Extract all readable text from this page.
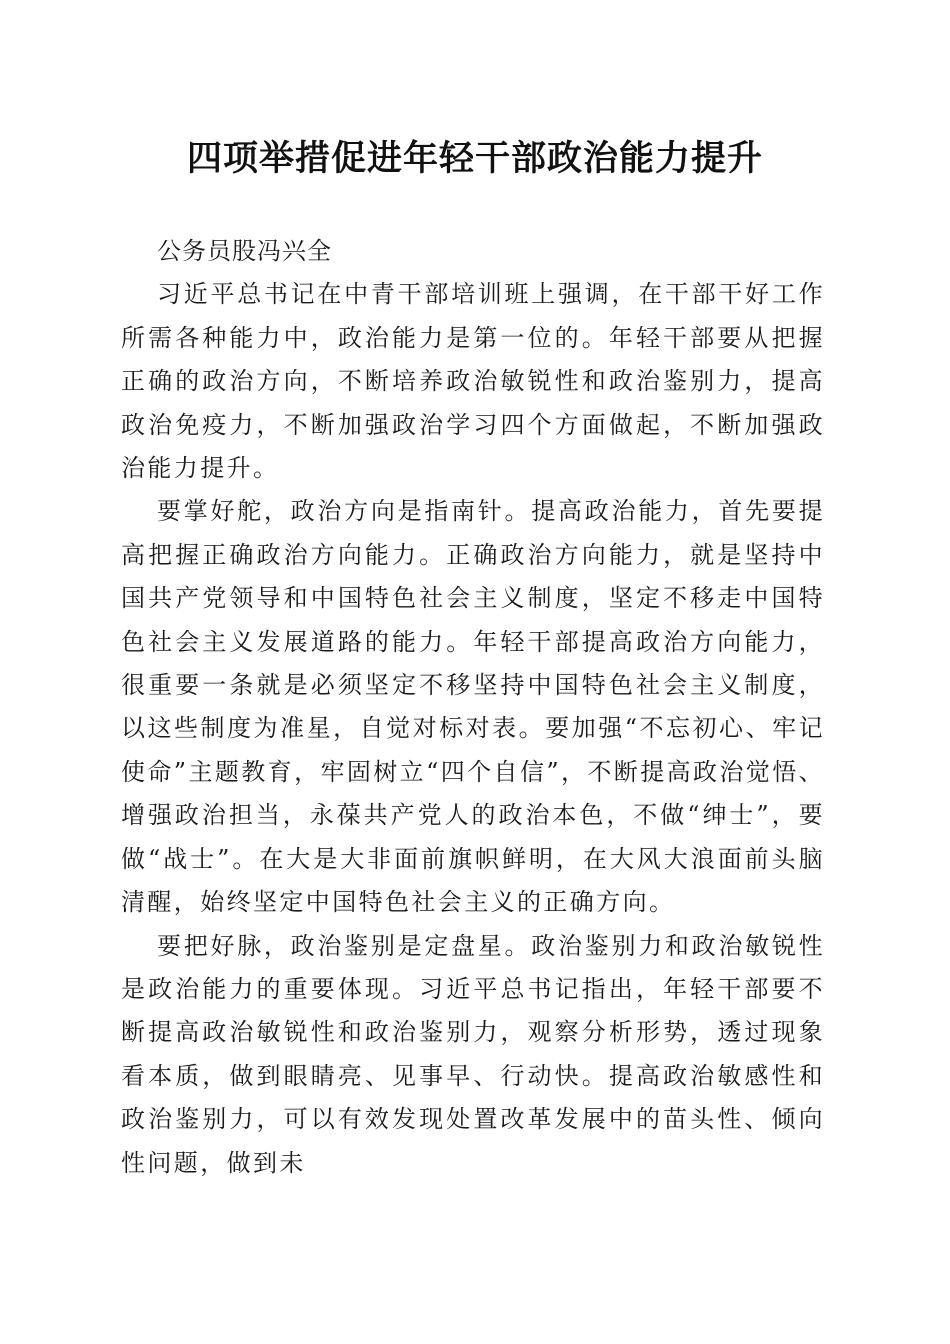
四项举措促进年轻干部政治能力提升

公务员股冯兴全

习近平总书记在中青干部培训班上强调，在干部干好工作所需各种能力中，政治能力是第一位的。年轻干部要从把握正确的政治方向，不断培养政治敏锐性和政治鉴别力，提高政治免疫力，不断加强政治学习四个方面做起，不断加强政治能力提升。

要掌好舵，政治方向是指南针。提高政治能力，首先要提高把握正确政治方向能力。正确政治方向能力，就是坚持中国共产党领导和中国特色社会主义制度，坚定不移走中国特色社会主义发展道路的能力。年轻干部提高政治方向能力，很重要一条就是必须坚定不移坚持中国特色社会主义制度，以这些制度为准星，自觉对标对表。要加强“不忘初心、牢记使命”主题教育，牢固树立“四个自信”，不断提高政治觉悟、增强政治担当，永葆共产党人的政治本色，不做“绅士”，要做“战士”。在大是大非面前旗帜鲜明，在大风大浪面前头脑清醒，始终坚定中国特色社会主义的正确方向。

要把好脉，政治鉴别是定盘星。政治鉴别力和政治敏锐性是政治能力的重要体现。习近平总书记指出，年轻干部要不断提高政治敏锐性和政治鉴别力，观察分析形势，透过现象看本质，做到眼睛亮、见事早、行动快。提高政治敏感性和政治鉴别力，可以有效发现处置改革发展中的苗头性、倾向性问题，做到未
